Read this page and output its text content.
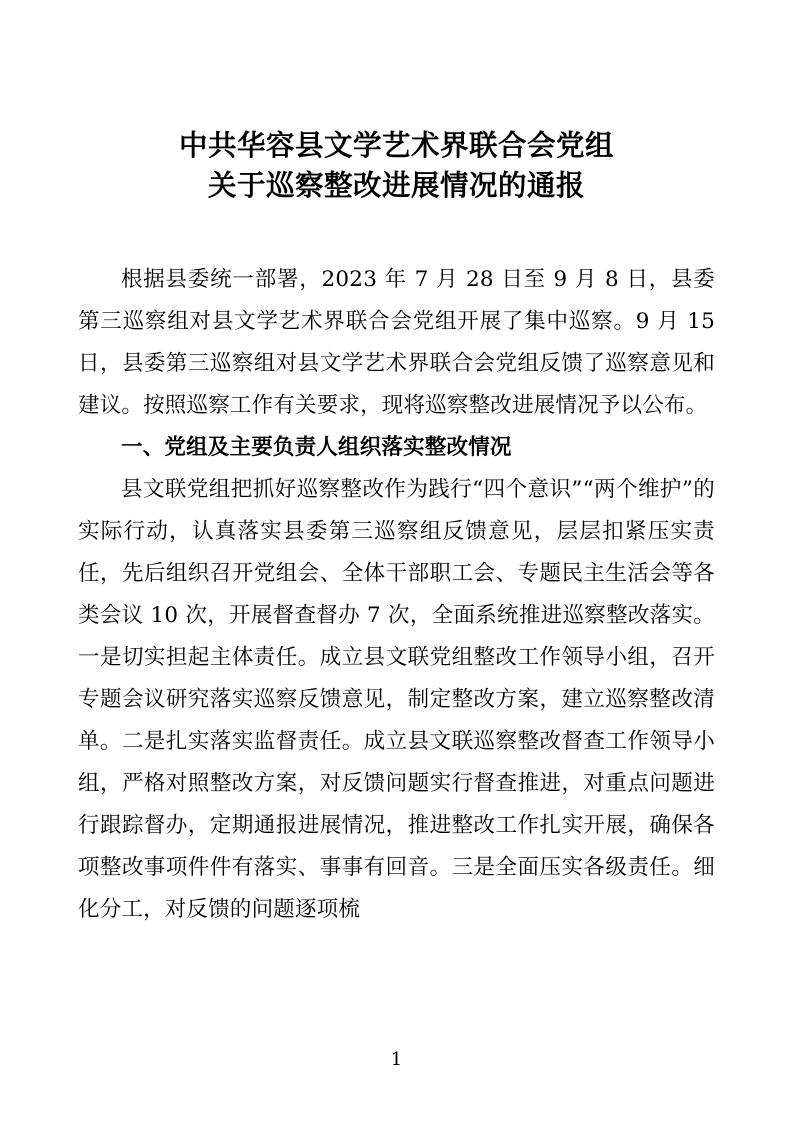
中共华容县文学艺术界联合会党组
关于巡察整改进展情况的通报

根据县委统一部署，2023 年 7 月 28 日至 9 月 8 日，县委第三巡察组对县文学艺术界联合会党组开展了集中巡察。9 月 15 日，县委第三巡察组对县文学艺术界联合会党组反馈了巡察意见和建议。按照巡察工作有关要求，现将巡察整改进展情况予以公布。

一、党组及主要负责人组织落实整改情况

县文联党组把抓好巡察整改作为践行“四个意识”“两个维护”的实际行动，认真落实县委第三巡察组反馈意见，层层扣紧压实责任，先后组织召开党组会、全体干部职工会、专题民主生活会等各类会议 10 次，开展督查督办 7 次，全面系统推进巡察整改落实。一是切实担起主体责任。成立县文联党组整改工作领导小组，召开专题会议研究落实巡察反馈意见，制定整改方案，建立巡察整改清单。二是扎实落实监督责任。成立县文联巡察整改督查工作领导小组，严格对照整改方案，对反馈问题实行督查推进，对重点问题进行跟踪督办，定期通报进展情况，推进整改工作扎实开展，确保各项整改事项件件有落实、事事有回音。三是全面压实各级责任。细化分工，对反馈的问题逐项梳

1
